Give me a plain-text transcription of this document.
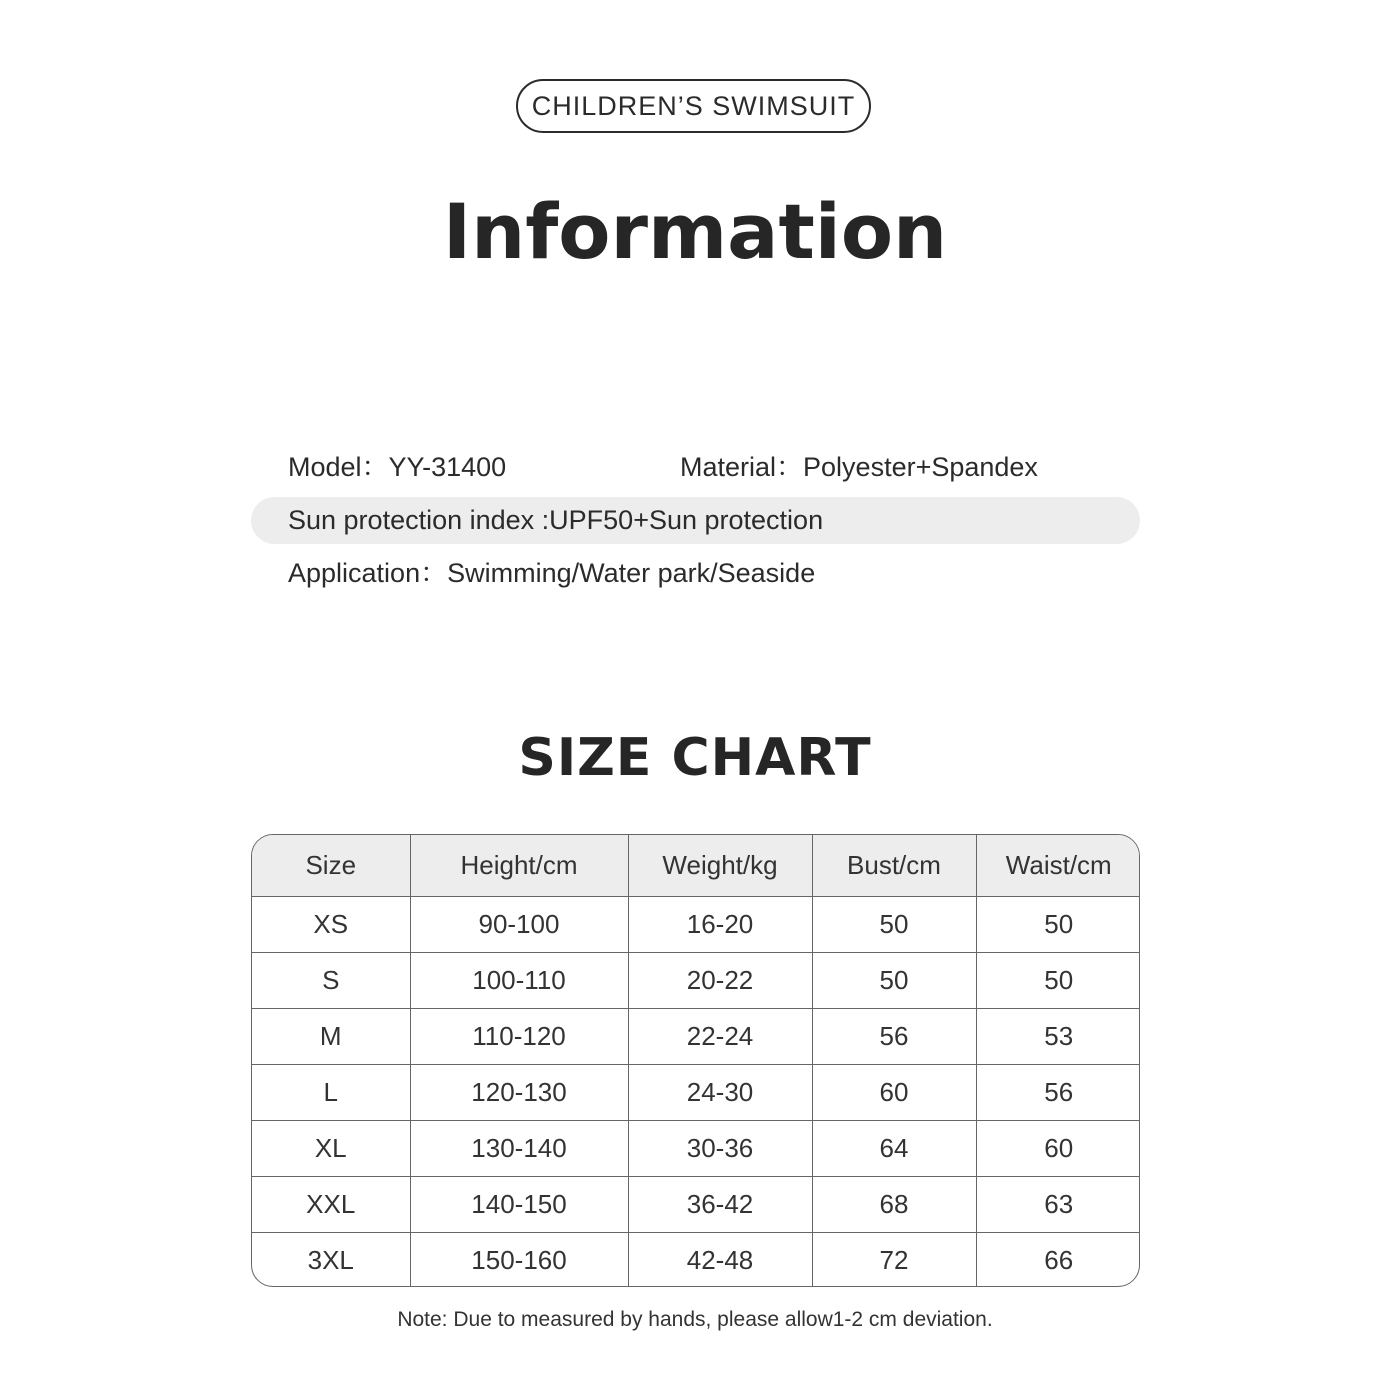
CHILDREN’S SWIMSUIT
Information
Model：YY-31400	Material：Polyester+Spandex
Sun protection index :UPF50+Sun protection
Application：Swimming/Water park/Seaside
SIZE CHART
Size	Height/cm	Weight/kg	Bust/cm	Waist/cm
XS	90-100	16-20	50	50
S	100-110	20-22	50	50
M	110-120	22-24	56	53
L	120-130	24-30	60	56
XL	130-140	30-36	64	60
XXL	140-150	36-42	68	63
3XL	150-160	42-48	72	66
Note: Due to measured by hands, please allow1-2 cm deviation.
